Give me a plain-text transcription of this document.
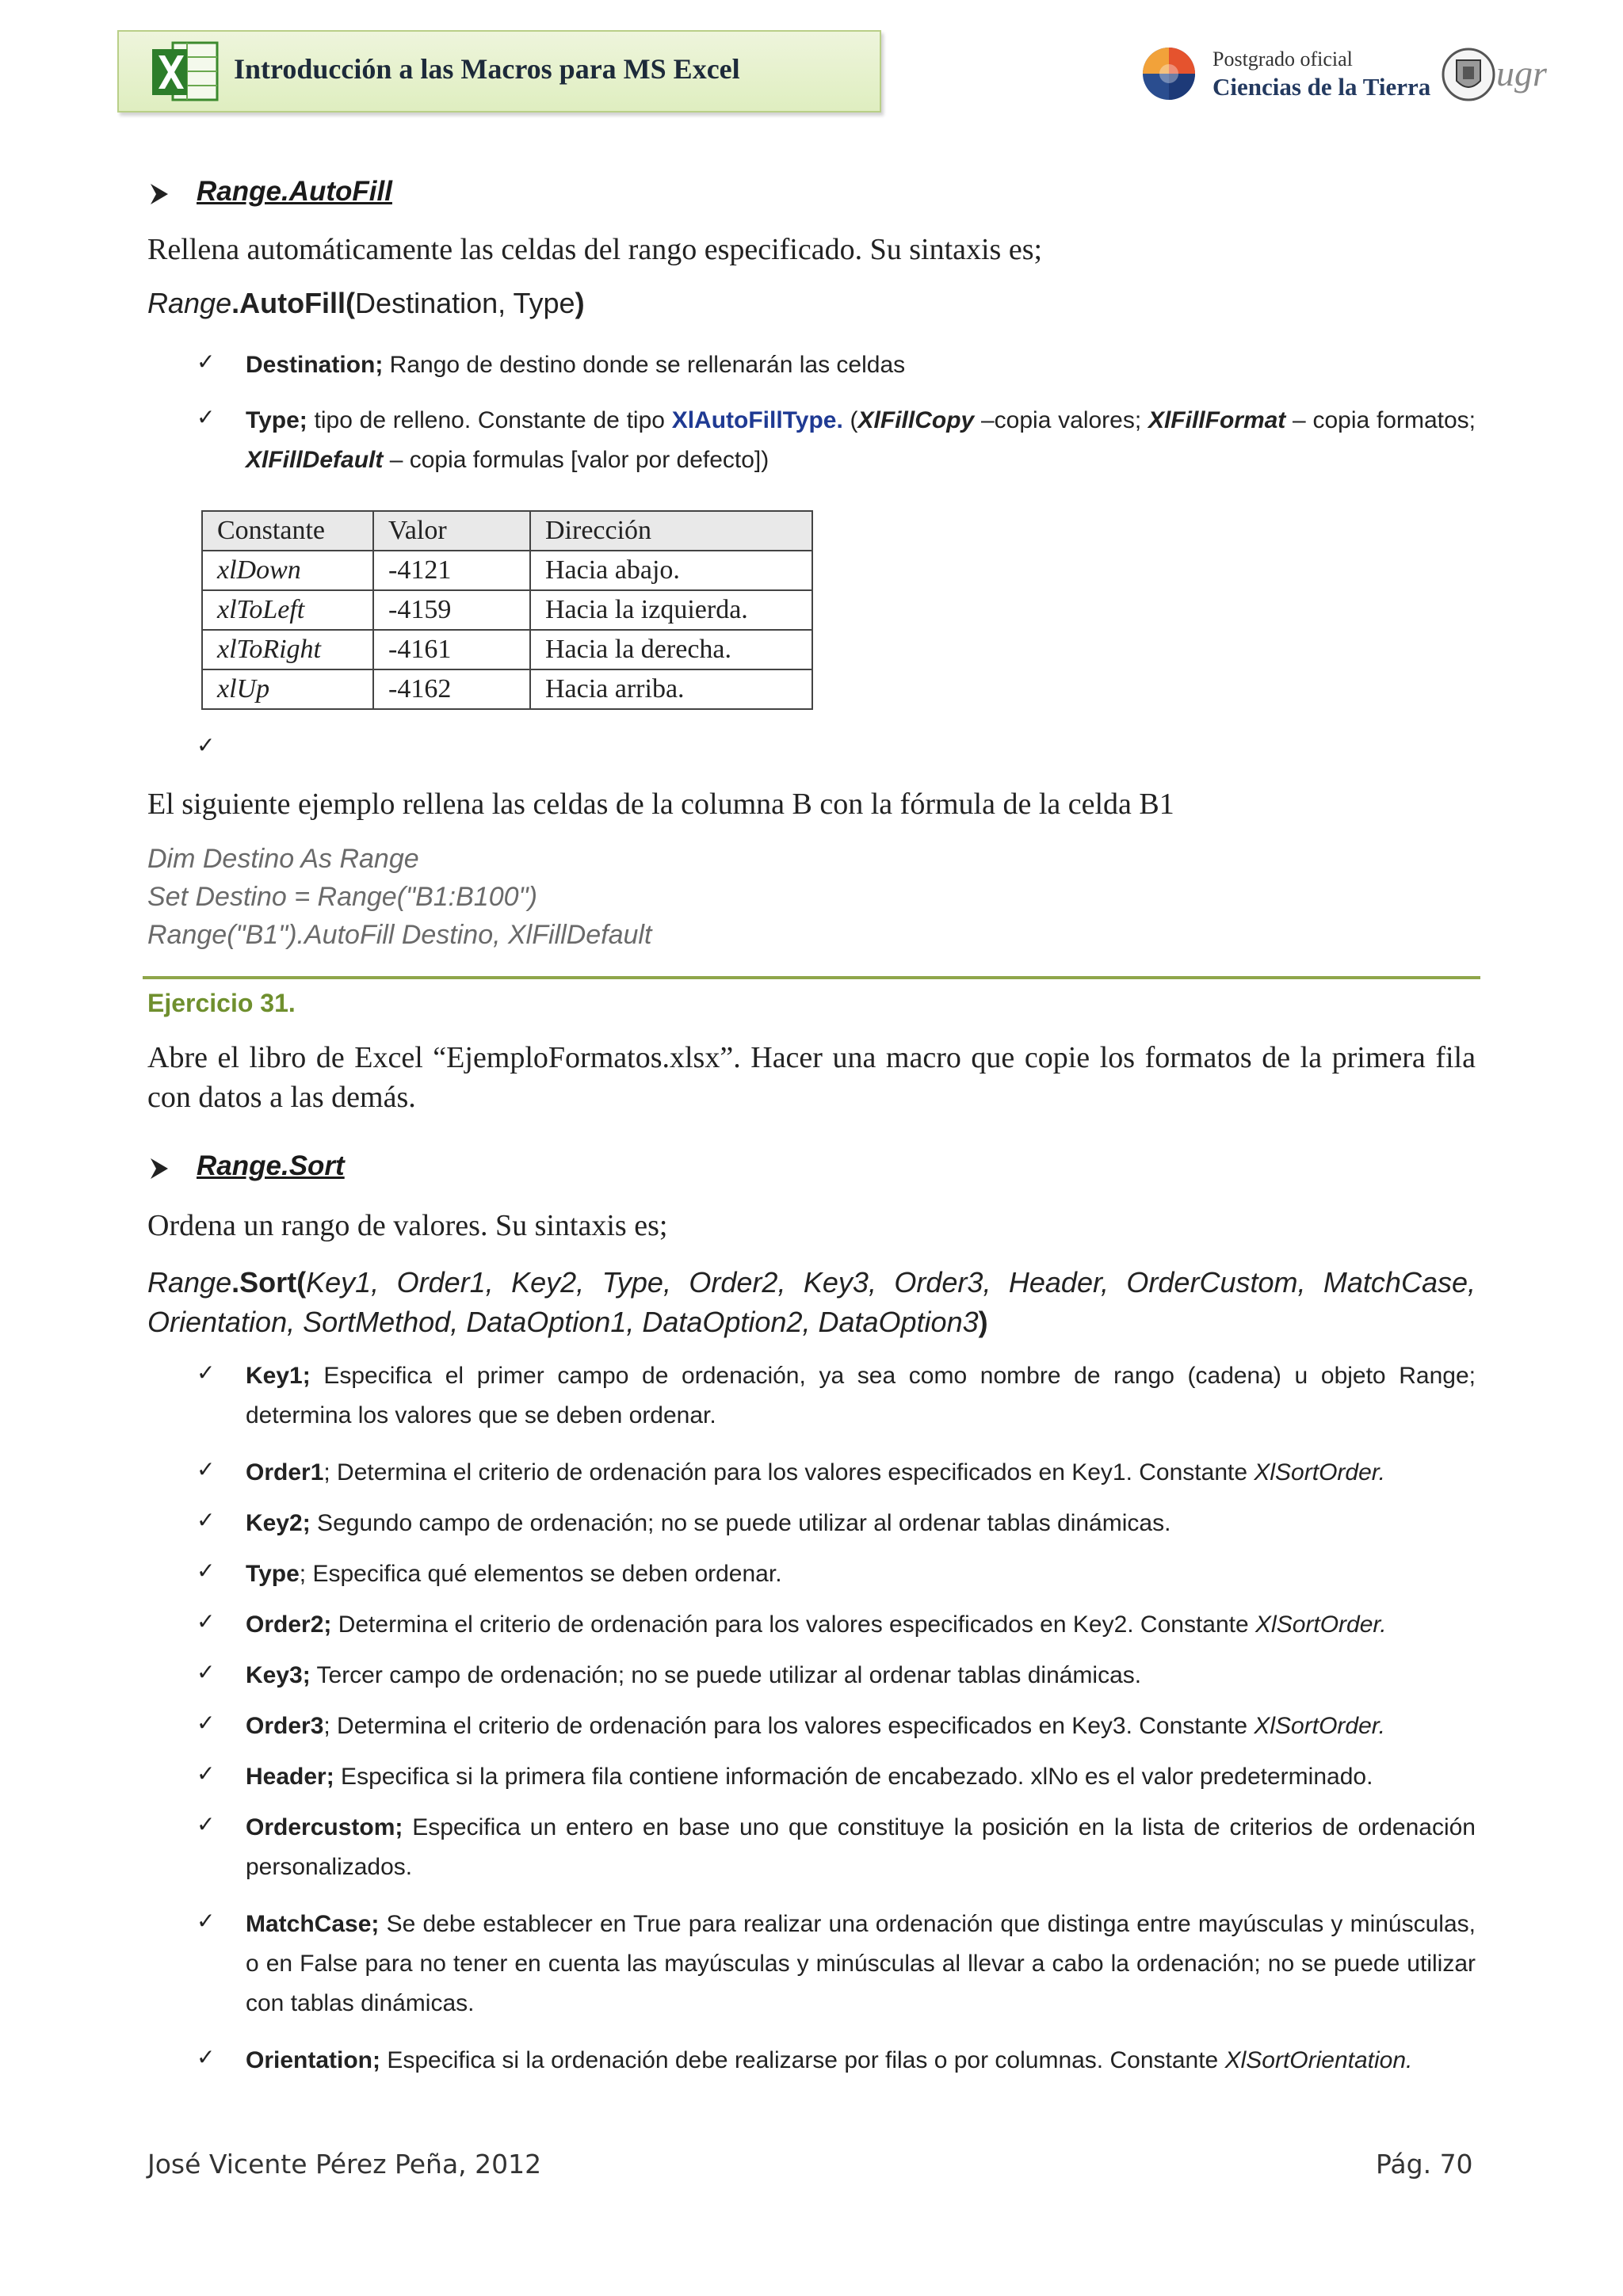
Introducción a las Macros para MS Excel	Postgrado oficial
Ciencias de la Tierra ugr
Range.AutoFill
Rellena automáticamente las celdas del rango especificado. Su sintaxis es;
Range.AutoFill(Destination, Type)
✓ Destination; Rango de destino donde se rellenarán las celdas
✓ Type; tipo de relleno. Constante de tipo XlAutoFillType. (XlFillCopy –copia valores; XlFillFormat – copia formatos; XlFillDefault – copia formulas [valor por defecto])
Constante	Valor	Dirección
xlDown	-4121	Hacia abajo.
xlToLeft	-4159	Hacia la izquierda.
xlToRight	-4161	Hacia la derecha.
xlUp	-4162	Hacia arriba.
✓
El siguiente ejemplo rellena las celdas de la columna B con la fórmula de la celda B1
Dim Destino As Range
Set Destino = Range("B1:B100")
Range("B1").AutoFill Destino, XlFillDefault
Ejercicio 31.
Abre el libro de Excel “EjemploFormatos.xlsx”. Hacer una macro que copie los formatos de la primera fila con datos a las demás.
Range.Sort
Ordena un rango de valores. Su sintaxis es;
Range.Sort(Key1, Order1, Key2, Type, Order2, Key3, Order3, Header, OrderCustom, MatchCase, Orientation, SortMethod, DataOption1, DataOption2, DataOption3)
✓ Key1; Especifica el primer campo de ordenación, ya sea como nombre de rango (cadena) u objeto Range; determina los valores que se deben ordenar.
✓ Order1; Determina el criterio de ordenación para los valores especificados en Key1. Constante XlSortOrder.
✓ Key2; Segundo campo de ordenación; no se puede utilizar al ordenar tablas dinámicas.
✓ Type; Especifica qué elementos se deben ordenar.
✓ Order2; Determina el criterio de ordenación para los valores especificados en Key2. Constante XlSortOrder.
✓ Key3; Tercer campo de ordenación; no se puede utilizar al ordenar tablas dinámicas.
✓ Order3; Determina el criterio de ordenación para los valores especificados en Key3. Constante XlSortOrder.
✓ Header; Especifica si la primera fila contiene información de encabezado. xlNo es el valor predeterminado.
✓ Ordercustom; Especifica un entero en base uno que constituye la posición en la lista de criterios de ordenación personalizados.
✓ MatchCase; Se debe establecer en True para realizar una ordenación que distinga entre mayúsculas y minúsculas, o en False para no tener en cuenta las mayúsculas y minúsculas al llevar a cabo la ordenación; no se puede utilizar con tablas dinámicas.
✓ Orientation; Especifica si la ordenación debe realizarse por filas o por columnas. Constante XlSortOrientation.
José Vicente Pérez Peña, 2012	Pág. 70
